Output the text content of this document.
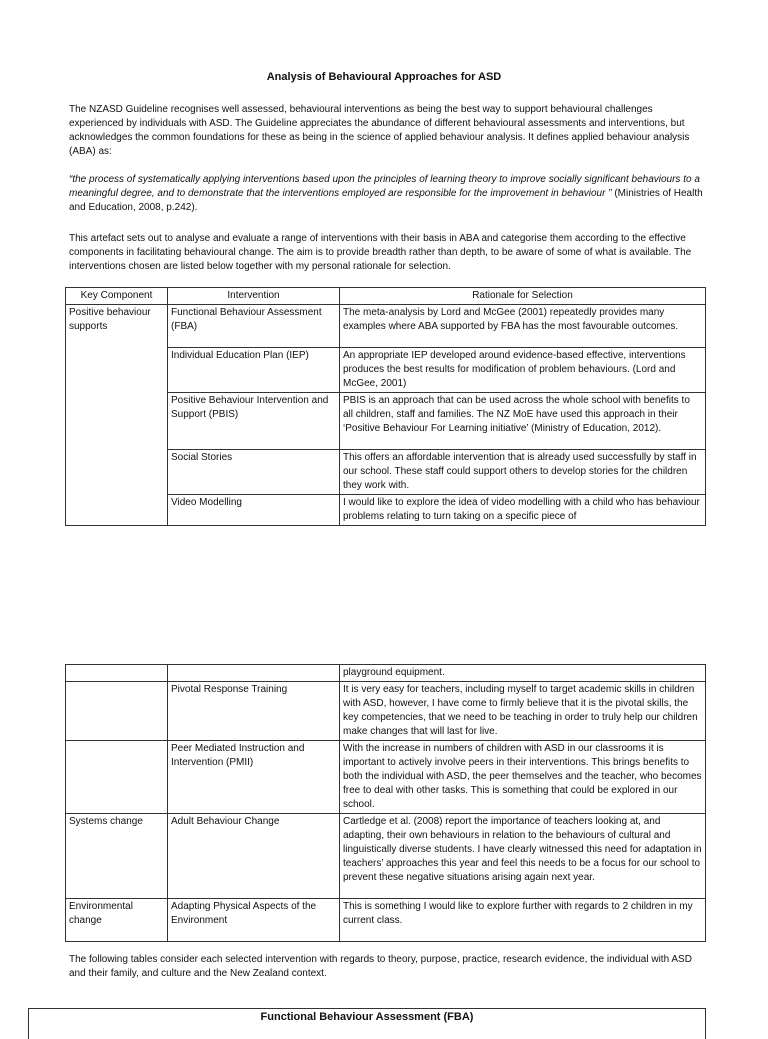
Analysis of Behavioural Approaches for ASD

The NZASD Guideline recognises well assessed, behavioural interventions as being the best way to support behavioural challenges experienced by individuals with ASD. The Guideline appreciates the abundance of different behavioural assessments and interventions, but acknowledges the common foundations for these as being in the science of applied behaviour analysis. It defines applied behaviour analysis (ABA) as:

“the process of systematically applying interventions based upon the principles of learning theory to improve socially significant behaviours to a meaningful degree, and to demonstrate that the interventions employed are responsible for the improvement in behaviour ” (Ministries of Health and Education, 2008, p.242).

This artefact sets out to analyse and evaluate a range of interventions with their basis in ABA and categorise them according to the effective components in facilitating behavioural change. The aim is to provide breadth rather than depth, to be aware of some of what is available. The interventions chosen are listed below together with my personal rationale for selection.

Key Component	Intervention	Rationale for Selection
Positive behaviour supports	Functional Behaviour Assessment (FBA)	The meta-analysis by Lord and McGee (2001) repeatedly provides many examples where ABA supported by FBA has the most favourable outcomes.
	Individual Education Plan (IEP)	An appropriate IEP developed around evidence-based effective, interventions produces the best results for modification of problem behaviours. (Lord and McGee, 2001)
	Positive Behaviour Intervention and Support (PBIS)	PBIS is an approach that can be used across the whole school with benefits to all children, staff and families. The NZ MoE have used this approach in their ‘Positive Behaviour For Learning initiative’ (Ministry of Education, 2012).
	Social Stories	This offers an affordable intervention that is already used successfully by staff in our school. These staff could support others to develop stories for the children they work with.
	Video Modelling	I would like to explore the idea of video modelling with a child who has behaviour problems relating to turn taking on a specific piece of
		playground equipment.
	Pivotal Response Training	It is very easy for teachers, including myself to target academic skills in children with ASD, however, I have come to firmly believe that it is the pivotal skills, the key competencies, that we need to be teaching in order to truly help our children make changes that will last for live.
	Peer Mediated Instruction and Intervention (PMII)	With the increase in numbers of children with ASD in our classrooms it is important to actively involve peers in their interventions. This brings benefits to both the individual with ASD, the peer themselves and the teacher, who becomes free to deal with other tasks. This is something that could be explored in our school.
Systems change	Adult Behaviour Change	Cartledge et al. (2008) report the importance of teachers looking at, and adapting, their own behaviours in relation to the behaviours of cultural and linguistically diverse students. I have clearly witnessed this need for adaptation in teachers’ approaches this year and feel this needs to be a focus for our school to prevent these negative situations arising again next year.
Environmental change	Adapting Physical Aspects of the Environment	This is something I would like to explore further with regards to 2 children in my current class.

The following tables consider each selected intervention with regards to theory, purpose, practice, research evidence, the individual with ASD and their family, and culture and the New Zealand context.

Functional Behaviour Assessment (FBA)
